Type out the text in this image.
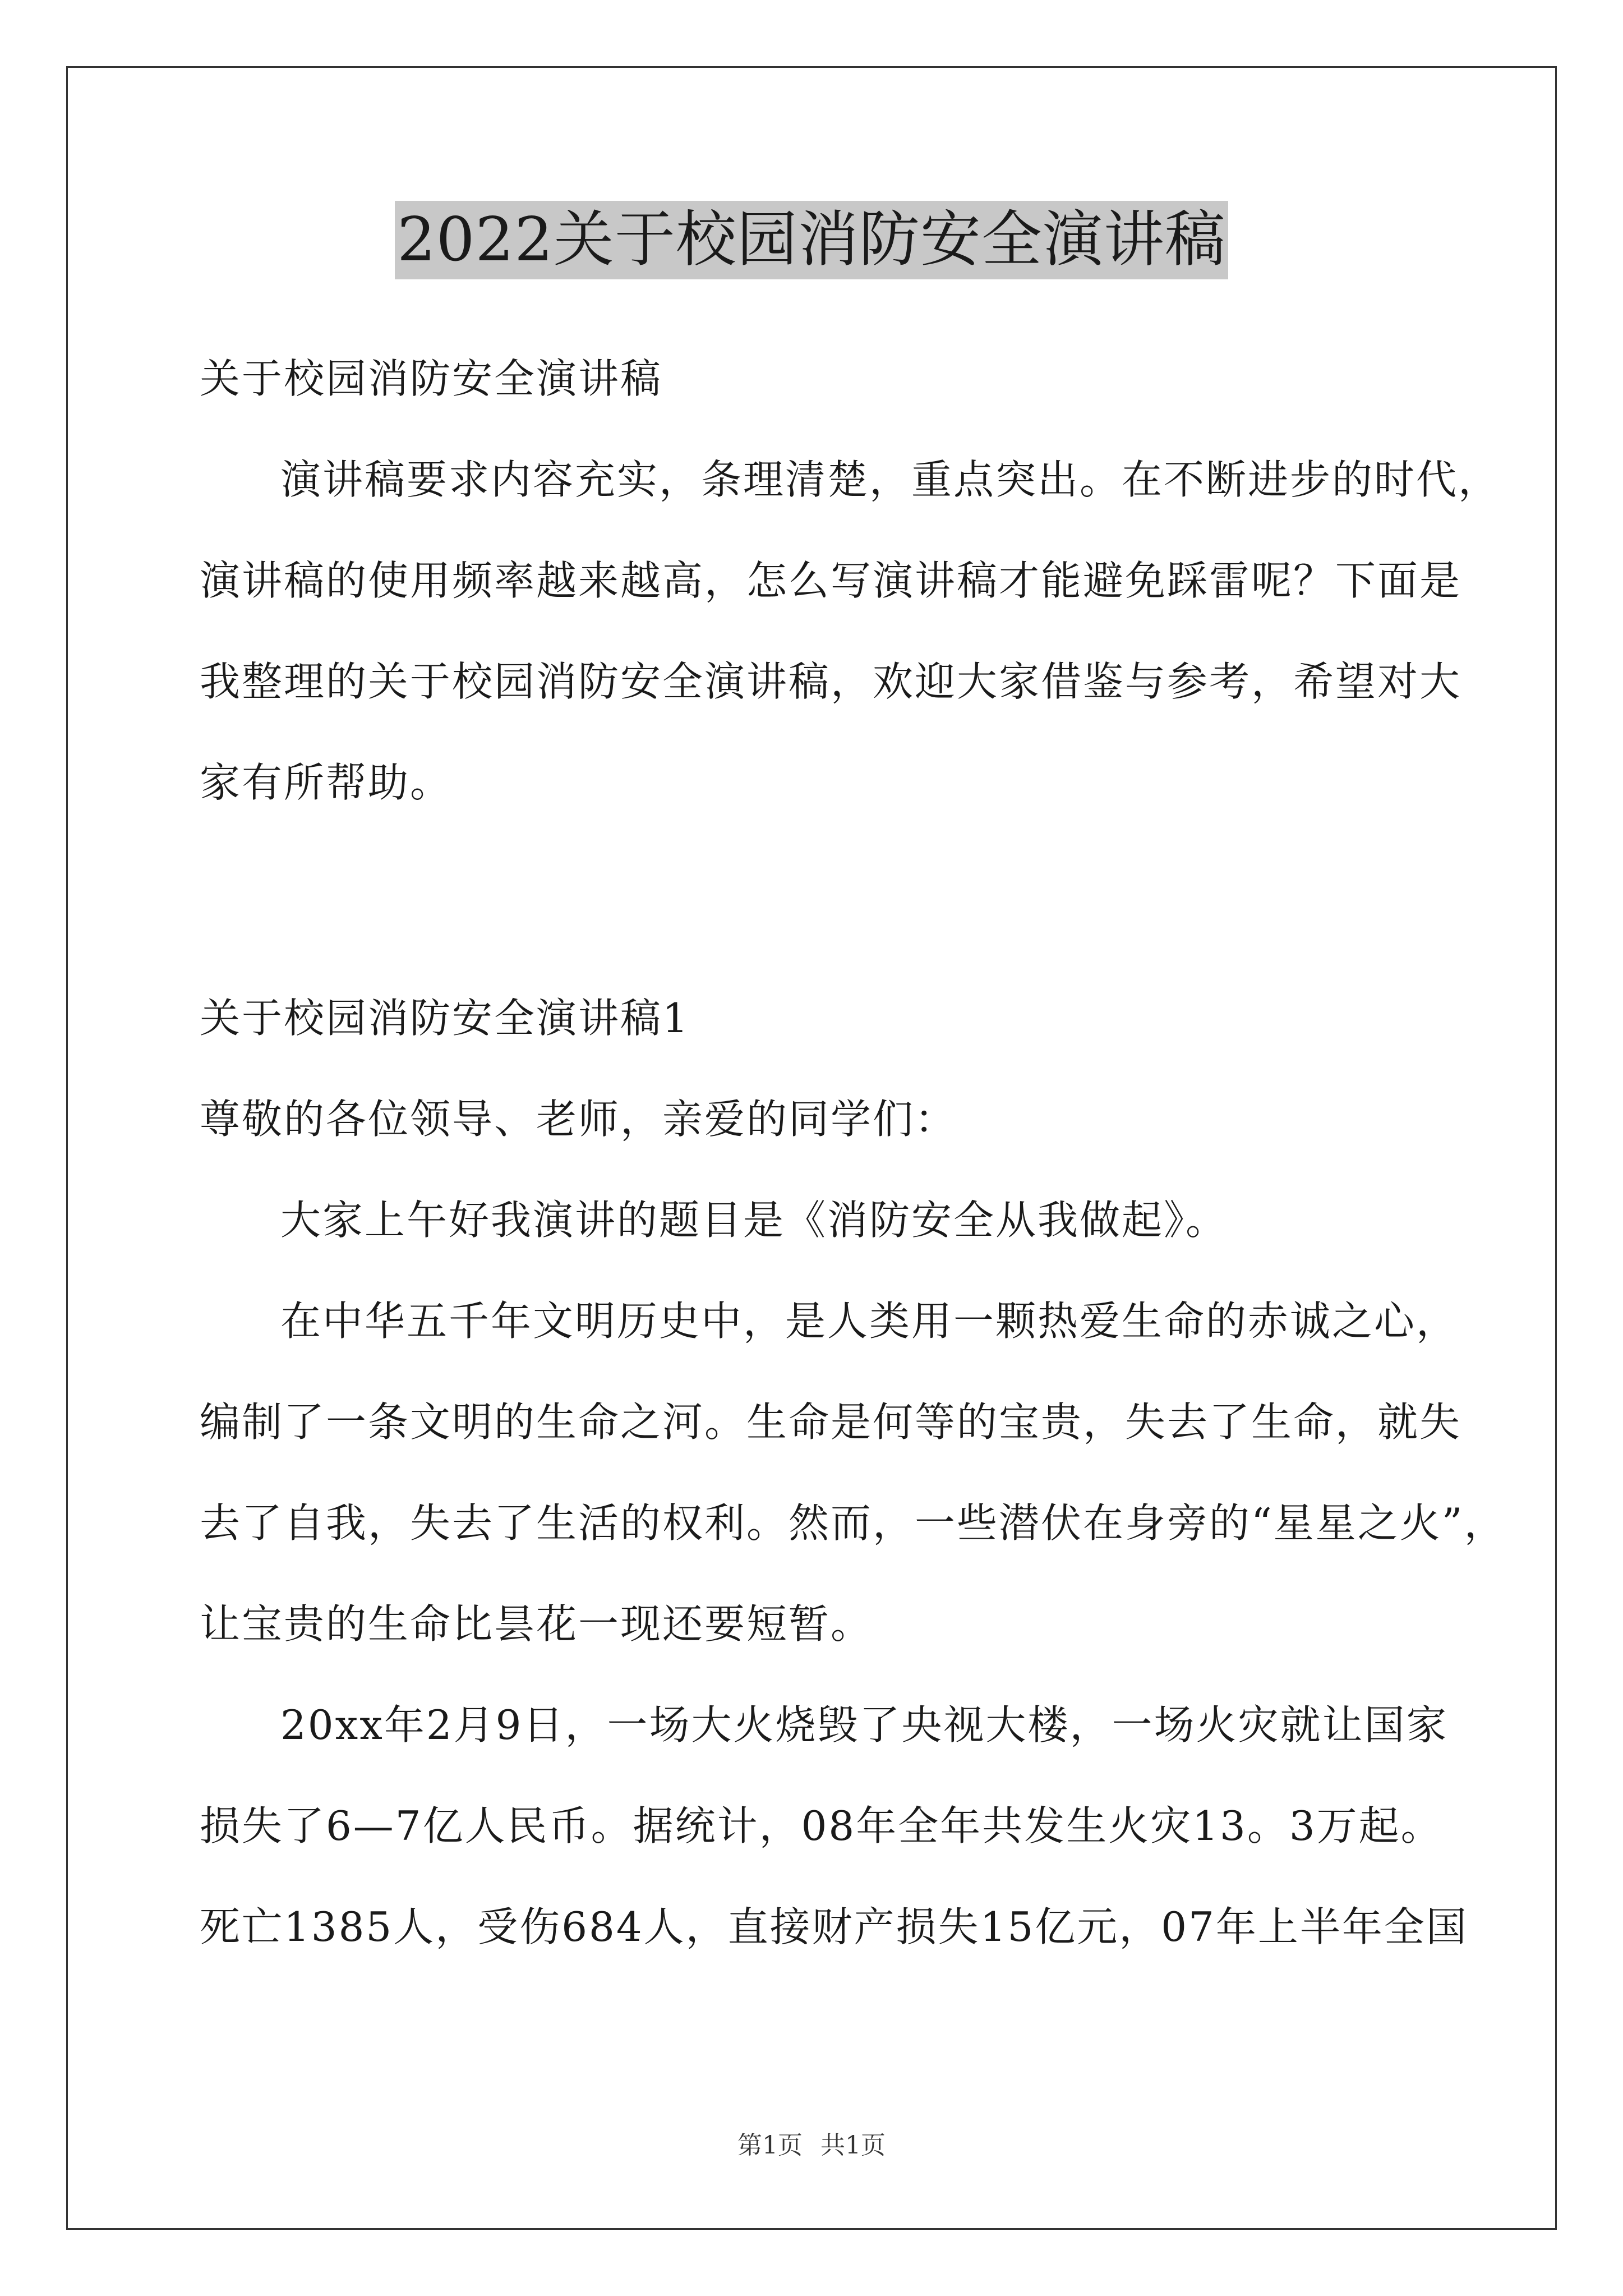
2022关于校园消防安全演讲稿
关于校园消防安全演讲稿
演讲稿要求内容充实，条理清楚，重点突出。在不断进步的时代，
演讲稿的使用频率越来越高，怎么写演讲稿才能避免踩雷呢？下面是
我整理的关于校园消防安全演讲稿，欢迎大家借鉴与参考，希望对大
家有所帮助。
关于校园消防安全演讲稿1
尊敬的各位领导、老师，亲爱的同学们：
大家上午好我演讲的题目是《消防安全从我做起》。
在中华五千年文明历史中，是人类用一颗热爱生命的赤诚之心，
编制了一条文明的生命之河。生命是何等的宝贵，失去了生命，就失
去了自我，失去了生活的权利。然而，一些潜伏在身旁的“星星之火”，
让宝贵的生命比昙花一现还要短暂。
20xx年2月9日，一场大火烧毁了央视大楼，一场火灾就让国家
损失了6—7亿人民币。据统计，08年全年共发生火灾13。3万起。
死亡1385人，受伤684人，直接财产损失15亿元，07年上半年全国
第1页 共1页
